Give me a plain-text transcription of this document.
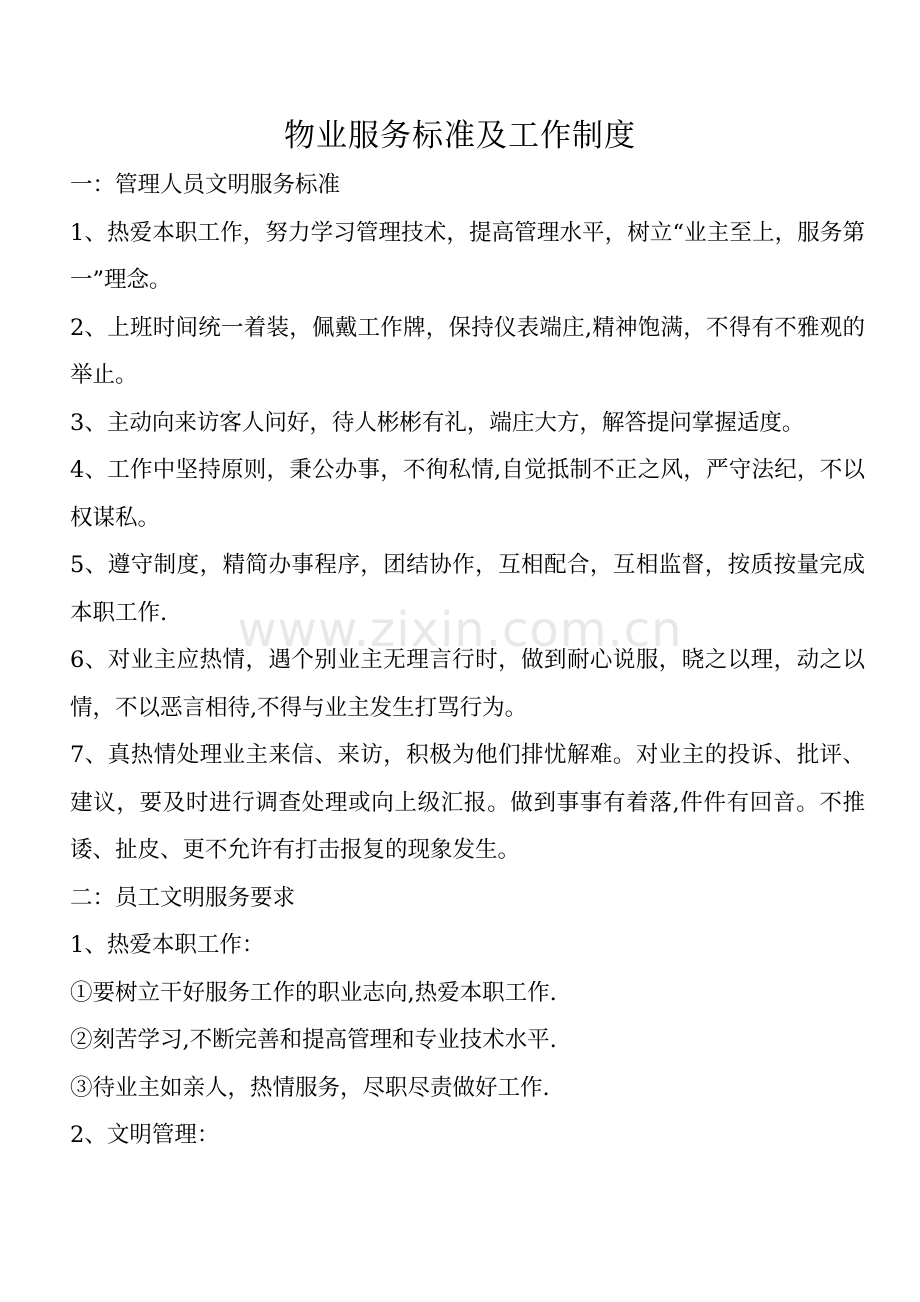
物业服务标准及工作制度

一：管理人员文明服务标准

1、热爱本职工作，努力学习管理技术，提高管理水平，树立“业主至上，服务第一”理念。

2、上班时间统一着装，佩戴工作牌，保持仪表端庄,精神饱满，不得有不雅观的举止。

3、主动向来访客人问好，待人彬彬有礼，端庄大方，解答提问掌握适度。

4、工作中坚持原则，秉公办事，不徇私情,自觉抵制不正之风，严守法纪，不以权谋私。

5、遵守制度，精简办事程序，团结协作，互相配合，互相监督，按质按量完成本职工作.

6、对业主应热情，遇个别业主无理言行时，做到耐心说服，晓之以理，动之以情，不以恶言相待,不得与业主发生打骂行为。

7、真热情处理业主来信、来访，积极为他们排忧解难。对业主的投诉、批评、建议，要及时进行调查处理或向上级汇报。做到事事有着落,件件有回音。不推诿、扯皮、更不允许有打击报复的现象发生。

二：员工文明服务要求

1、热爱本职工作：

①要树立干好服务工作的职业志向,热爱本职工作.

②刻苦学习,不断完善和提高管理和专业技术水平.

③待业主如亲人，热情服务，尽职尽责做好工作.

2、文明管理：

www.zixin.com.cn
